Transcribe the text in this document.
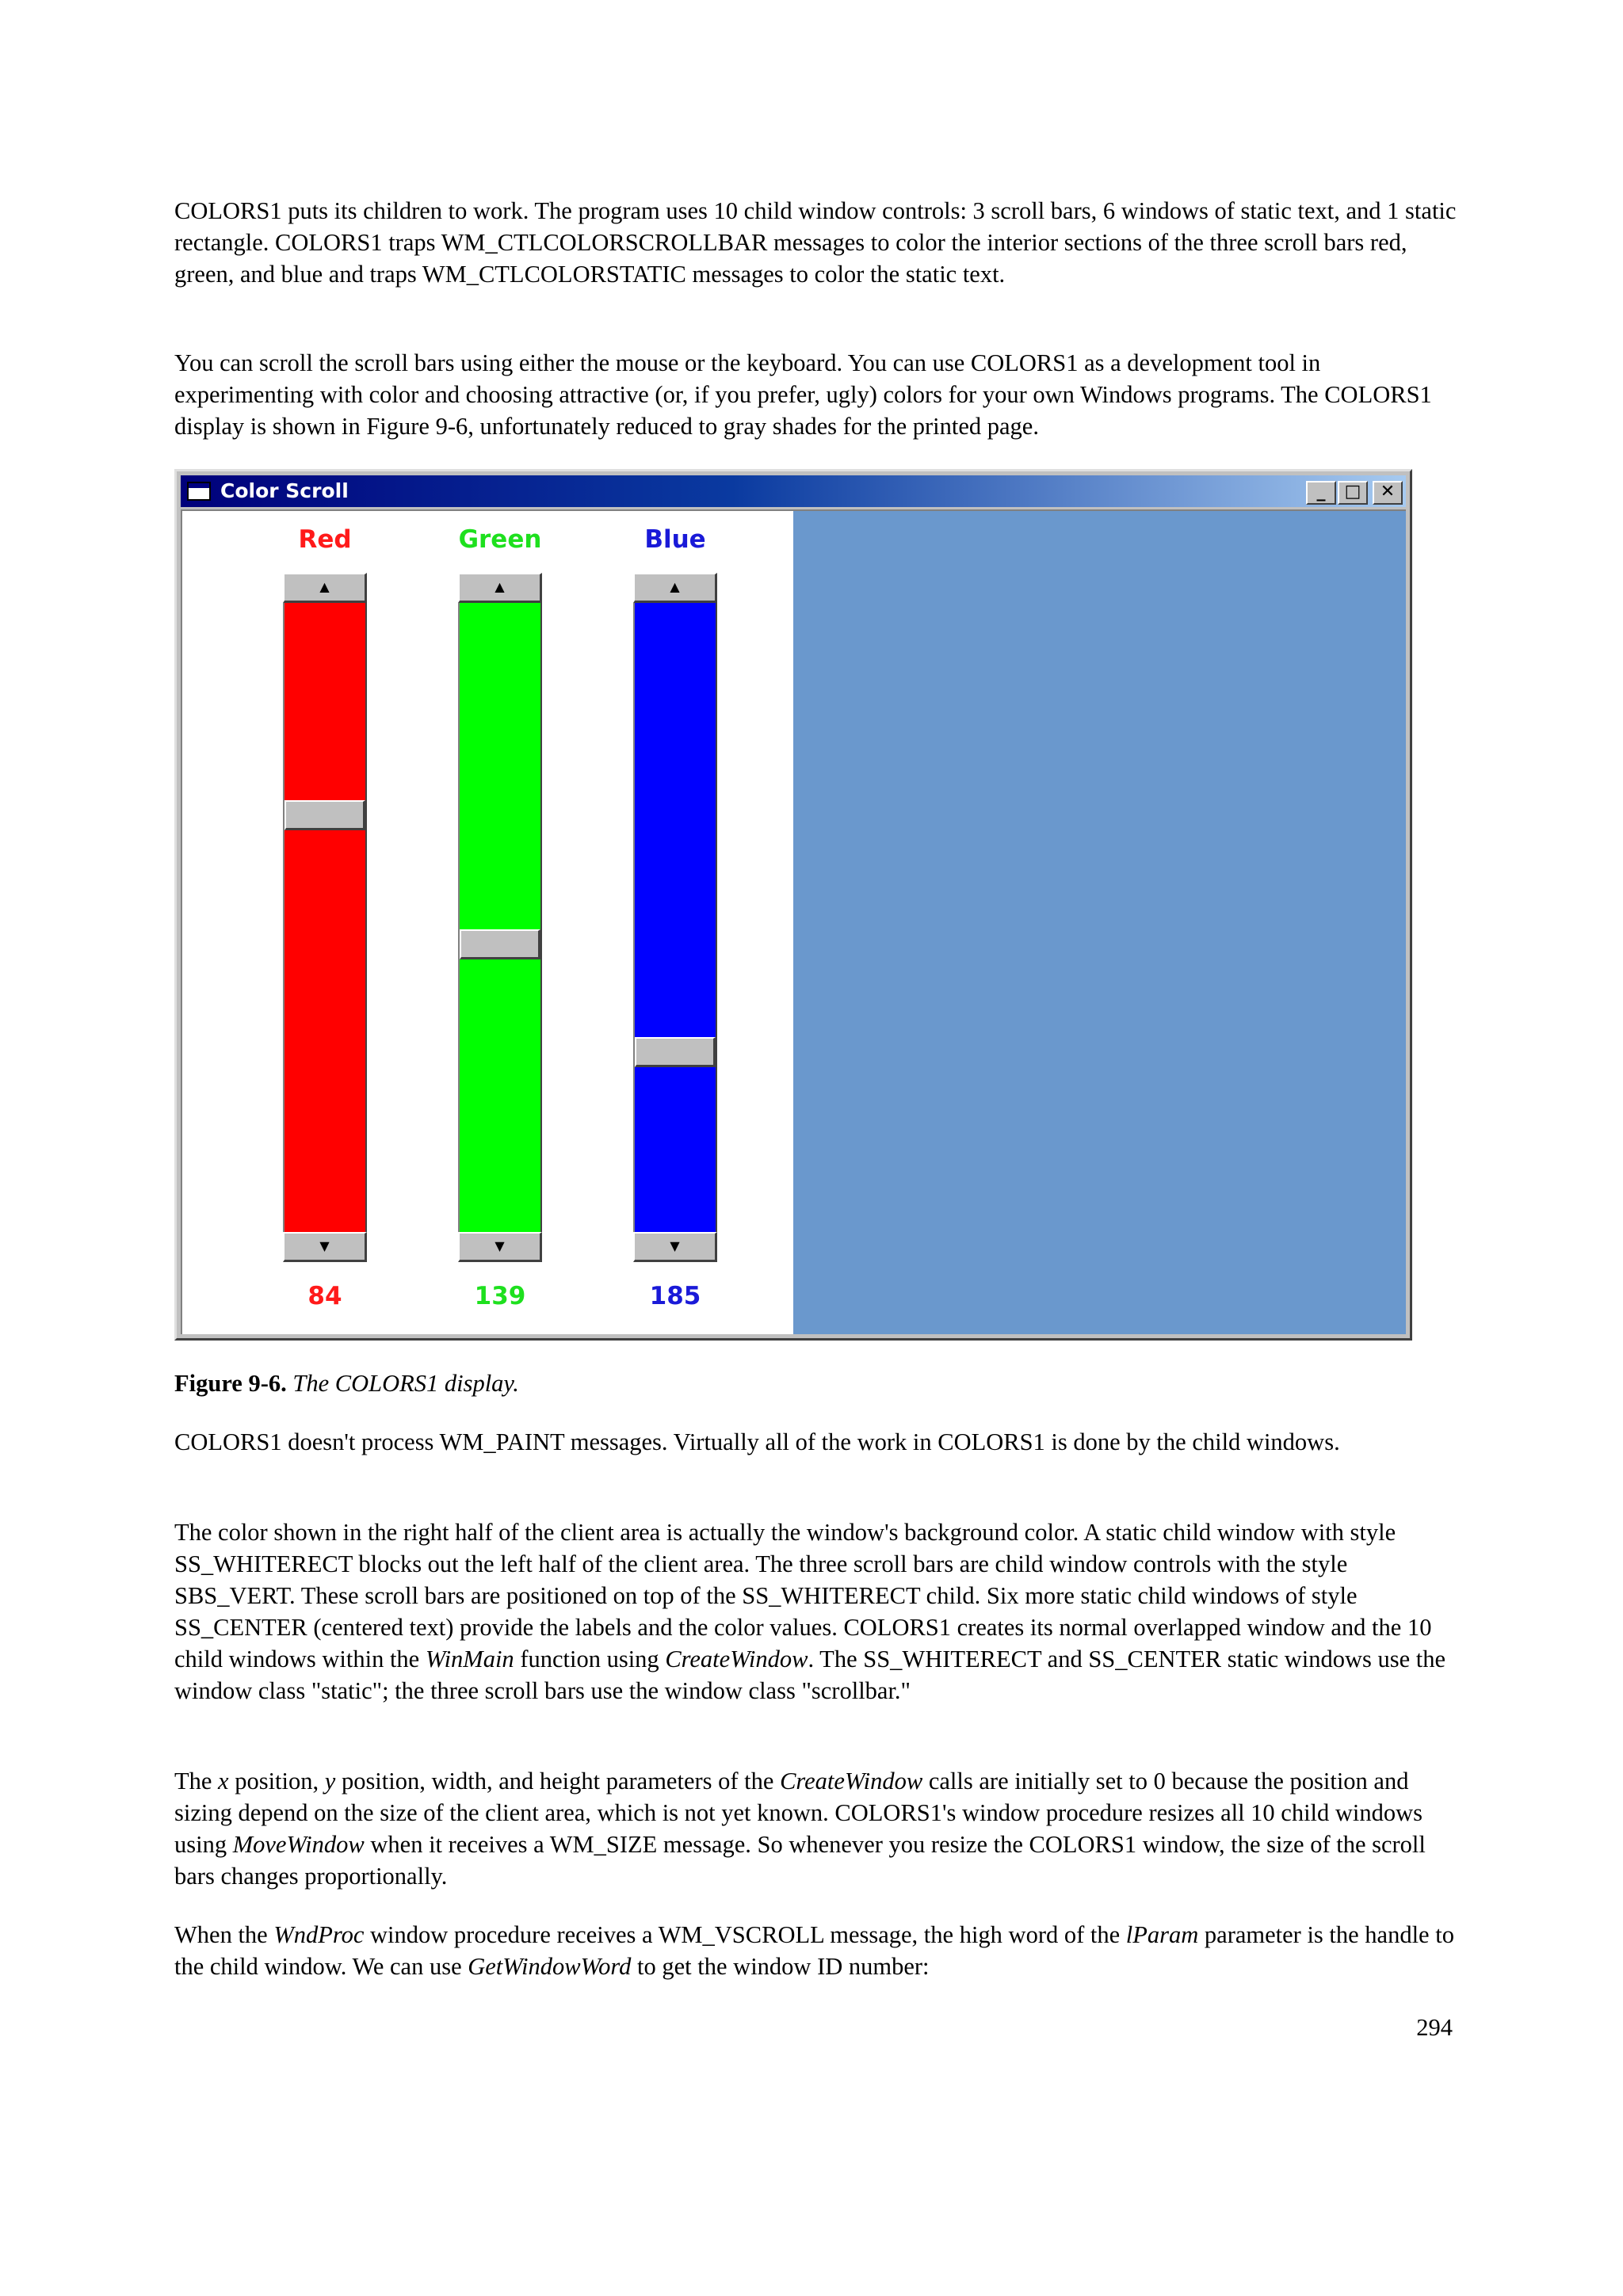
COLORS1 puts its children to work. The program uses 10 child window controls: 3 scroll bars, 6 windows of static text, and 1 static rectangle. COLORS1 traps WM_CTLCOLORSCROLLBAR messages to color the interior sections of the three scroll bars red, green, and blue and traps WM_CTLCOLORSTATIC messages to color the static text.

You can scroll the scroll bars using either the mouse or the keyboard. You can use COLORS1 as a development tool in experimenting with color and choosing attractive (or, if you prefer, ugly) colors for your own Windows programs. The COLORS1 display is shown in Figure 9-6, unfortunately reduced to gray shades for the printed page.

Color Scroll	_	□	✕
Red
▲
▼
84
Green
▲
▼
139
Blue
▲
▼
185

Figure 9-6. The COLORS1 display.

COLORS1 doesn't process WM_PAINT messages. Virtually all of the work in COLORS1 is done by the child windows.

The color shown in the right half of the client area is actually the window's background color. A static child window with style SS_WHITERECT blocks out the left half of the client area. The three scroll bars are child window controls with the style SBS_VERT. These scroll bars are positioned on top of the SS_WHITERECT child. Six more static child windows of style SS_CENTER (centered text) provide the labels and the color values. COLORS1 creates its normal overlapped window and the 10 child windows within the WinMain function using CreateWindow. The SS_WHITERECT and SS_CENTER static windows use the window class "static"; the three scroll bars use the window class "scrollbar."

The x position, y position, width, and height parameters of the CreateWindow calls are initially set to 0 because the position and sizing depend on the size of the client area, which is not yet known. COLORS1's window procedure resizes all 10 child windows using MoveWindow when it receives a WM_SIZE message. So whenever you resize the COLORS1 window, the size of the scroll bars changes proportionally.

When the WndProc window procedure receives a WM_VSCROLL message, the high word of the lParam parameter is the handle to the child window. We can use GetWindowWord to get the window ID number:

294
